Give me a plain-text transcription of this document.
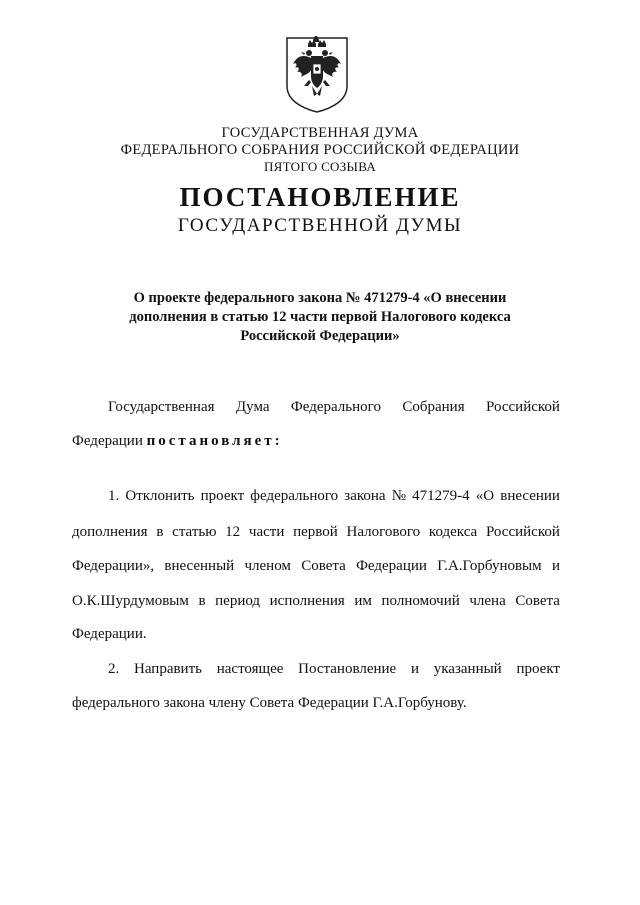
ГОСУДАРСТВЕННАЯ ДУМА
ФЕДЕРАЛЬНОГО СОБРАНИЯ РОССИЙСКОЙ ФЕДЕРАЦИИ
ПЯТОГО СОЗЫВА
ПОСТАНОВЛЕНИЕ
ГОСУДАРСТВЕННОЙ ДУМЫ
О проекте федерального закона № 471279-4 «О внесении
дополнения в статью 12 части первой Налогового кодекса
Российской Федерации»
Государственная Дума Федерального Собрания Российской
Федерации постановляет:
1. Отклонить проект федерального закона № 471279-4 «О внесении
дополнения в статью 12 части первой Налогового кодекса Российской
Федерации», внесенный членом Совета Федерации Г.А.Горбуновым и
О.К.Шурдумовым в период исполнения им полномочий члена Совета
Федерации.
2. Направить настоящее Постановление и указанный проект
федерального закона члену Совета Федерации Г.А.Горбунову.
